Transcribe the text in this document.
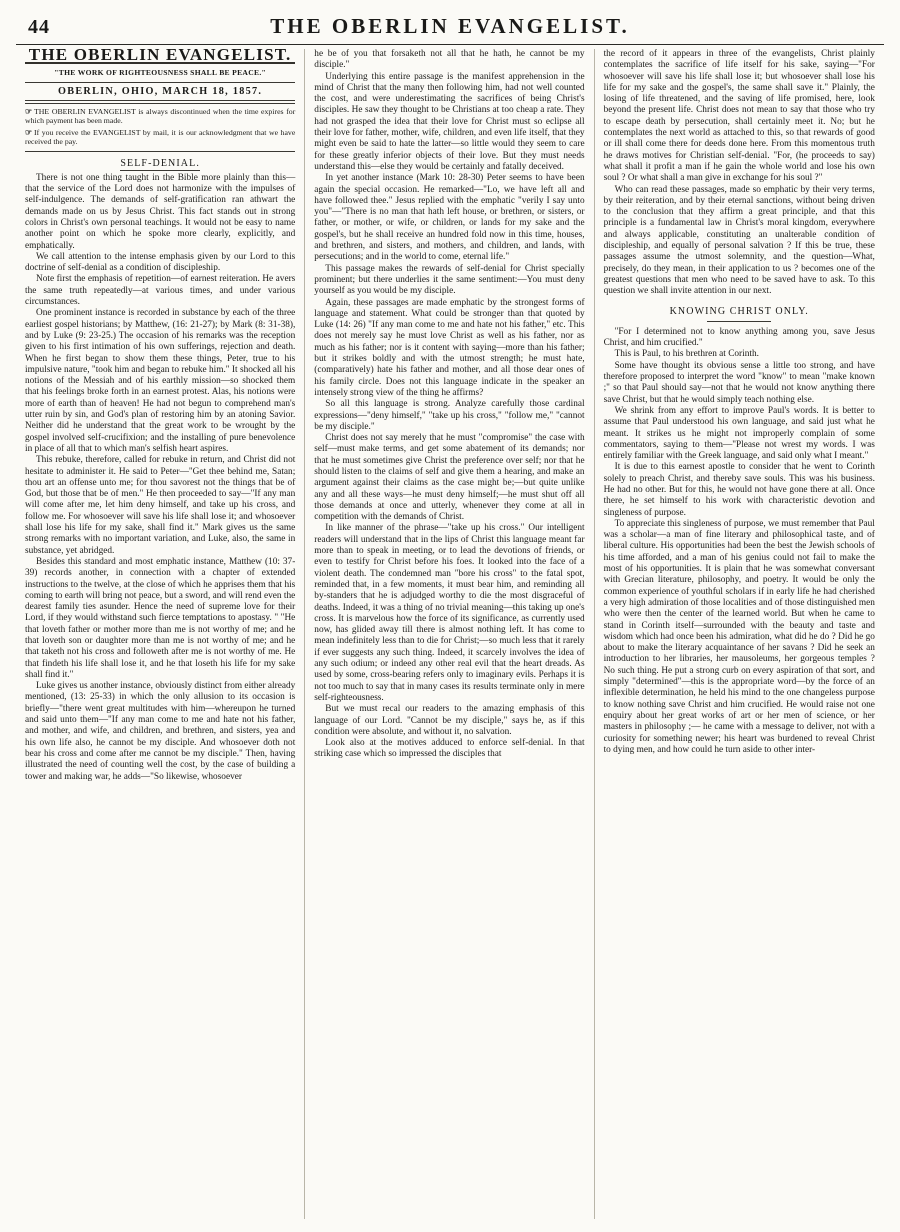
44	THE OBERLIN EVANGELIST.
THE OBERLIN EVANGELIST.
"THE WORK OF RIGHTEOUSNESS SHALL BE PEACE."
OBERLIN, OHIO, MARCH 18, 1857.

☞ THE OBERLIN EVANGELIST is always discontinued when the time expires for which payment has been made.

☞ If you receive the EVANGELIST by mail, it is our acknowledgment that we have received the pay.

SELF-DENIAL.

There is not one thing taught in the Bible more plainly than this—that the service of the Lord does not harmonize with the impulses of self-indulgence. The demands of self-gratification ran athwart the demands made on us by Jesus Christ. This fact stands out in strong colors in Christ's own personal teachings. It would not be easy to name another point on which he spoke more clearly, explicitly, and emphatically.

We call attention to the intense emphasis given by our Lord to this doctrine of self-denial as a condition of discipleship.

Note first the emphasis of repetition—of earnest reiteration. He avers the same truth repeatedly—at various times, and under various circumstances.

One prominent instance is recorded in substance by each of the three earliest gospel historians; by Matthew, (16: 21-27); by Mark (8: 31-38), and by Luke (9: 23-25.) The occasion of his remarks was the reception given to his first intimation of his own sufferings, rejection and death. When he first began to show them these things, Peter, true to his impulsive nature, "took him and began to rebuke him." It shocked all his notions of the Messiah and of his earthly mission—so shocked them that his feelings broke forth in an earnest protest. Alas, his notions were more of earth than of heaven! He had not begun to comprehend man's utter ruin by sin, and God's plan of restoring him by an atoning Savior. Neither did he understand that the great work to be wrought by the gospel involved self-crucifixion; and the installing of pure benevolence in place of all that to which man's selfish heart aspires.

This rebuke, therefore, called for rebuke in return, and Christ did not hesitate to administer it. He said to Peter—"Get thee behind me, Satan; thou art an offense unto me; for thou savorest not the things that be of God, but those that be of men." He then proceeded to say—"If any man will come after me, let him deny himself, and take up his cross, and follow me. For whosoever will save his life shall lose it; and whosoever shall lose his life for my sake, shall find it." Mark gives us the same strong remarks with no important variation, and Luke, also, the same in substance, yet abridged.

Besides this standard and most emphatic instance, Matthew (10: 37-39) records another, in connection with a chapter of extended instructions to the twelve, at the close of which he apprises them that his coming to earth will bring not peace, but a sword, and will rend even the dearest family ties asunder. Hence the need of supreme love for their Lord, if they would withstand such fierce temptations to apostasy. " "He that loveth father or mother more than me is not worthy of me; and he that loveth son or daughter more than me is not worthy of me; and he that taketh not his cross and followeth after me is not worthy of me. He that findeth his life shall lose it, and he that loseth his life for my sake shall find it."

Luke gives us another instance, obviously distinct from either already mentioned, (13: 25-33) in which the only allusion to its occasion is briefly—"there went great multitudes with him—whereupon he turned and said unto them—"If any man come to me and hate not his father, and mother, and wife, and children, and brethren, and sisters, yea and his own life also, he cannot be my disciple. And whosoever doth not bear his cross and come after me cannot be my disciple." Then, having illustrated the need of counting well the cost, by the case of building a tower and making war, he adds—"So likewise, whosoever

he be of you that forsaketh not all that he hath, he cannot be my disciple."

Underlying this entire passage is the manifest apprehension in the mind of Christ that the many then following him, had not well counted the cost, and were underestimating the sacrifices of being Christ's disciples. He saw they thought to be Christians at too cheap a rate. They had not grasped the idea that their love for Christ must so eclipse all their love for father, mother, wife, children, and even life itself, that they might even be said to hate the latter—so little would they seem to care for these greatly inferior objects of their love. But they must needs understand this—else they would be certainly and fatally deceived.

In yet another instance (Mark 10: 28-30) Peter seems to have been again the special occasion. He remarked—"Lo, we have left all and have followed thee." Jesus replied with the emphatic "verily I say unto you"—"There is no man that hath left house, or brethren, or sisters, or father, or mother, or wife, or children, or lands for my sake and the gospel's, but he shall receive an hundred fold now in this time, houses, and brethren, and sisters, and mothers, and children, and lands, with persecutions; and in the world to come, eternal life."

This passage makes the rewards of self-denial for Christ specially prominent; but there underlies it the same sentiment:—You must deny yourself as you would be my disciple.

Again, these passages are made emphatic by the strongest forms of language and statement. What could be stronger than that quoted by Luke (14: 26) "If any man come to me and hate not his father," etc. This does not merely say he must love Christ as well as his father, nor as much as his father; nor is it content with saying—more than his father; but it strikes boldly and with the utmost strength; he must hate, (comparatively) hate his father and mother, and all those dear ones of his family circle. Does not this language indicate in the speaker an intensely strong view of the thing he affirms?

So all this language is strong. Analyze carefully those cardinal expressions—"deny himself," "take up his cross," "follow me," "cannot be my disciple."

Christ does not say merely that he must "compromise" the case with self—must make terms, and get some abatement of its demands; nor that he must sometimes give Christ the preference over self; nor that he should listen to the claims of self and give them a hearing, and make an argument against their claims as the case might be;—but quite unlike any and all these ways—he must deny himself;—he must shut off all those demands at once and utterly, whenever they come at all in competition with the demands of Christ.

In like manner of the phrase—"take up his cross." Our intelligent readers will understand that in the lips of Christ this language meant far more than to speak in meeting, or to lead the devotions of friends, or even to testify for Christ before his foes. It looked into the face of a violent death. The condemned man "bore his cross" to the fatal spot, reminded that, in a few moments, it must bear him, and reminding all by-standers that he is adjudged worthy to die the most disgraceful of deaths. Indeed, it was a thing of no trivial meaning—this taking up one's cross. It is marvelous how the force of its significance, as currently used now, has glided away till there is almost nothing left. It has come to mean indefinitely less than to die for Christ;—so much less that it rarely if ever suggests any such thing. Indeed, it scarcely involves the idea of any such odium; or indeed any other real evil that the heart dreads. As used by some, cross-bearing refers only to imaginary evils. Perhaps it is not too much to say that in many cases its results terminate only in mere self-righteousness.

But we must recal our readers to the amazing emphasis of this language of our Lord. "Cannot be my disciple," says he, as if this condition were absolute, and without it, no salvation.

Look also at the motives adduced to enforce self-denial. In that striking case which so impressed the disciples that

the record of it appears in three of the evangelists, Christ plainly contemplates the sacrifice of life itself for his sake, saying—"For whosoever will save his life shall lose it; but whosoever shall lose his life for my sake and the gospel's, the same shall save it." Plainly, the losing of life threatened, and the saving of life promised, here, look beyond the present life. Christ does not mean to say that those who try to escape death by persecution, shall certainly meet it. No; but he contemplates the next world as attached to this, so that rewards of good or ill shall come there for deeds done here. From this momentous truth he draws motives for Christian self-denial. "For, (he proceeds to say) what shall it profit a man if he gain the whole world and lose his own soul ? Or what shall a man give in exchange for his soul ?"

Who can read these passages, made so emphatic by their very terms, by their reiteration, and by their eternal sanctions, without being driven to the conclusion that they affirm a great principle, and that this principle is a fundamental law in Christ's moral kingdom, everywhere and always applicable, constituting an unalterable condition of discipleship, and equally of personal salvation ? If this be true, these passages assume the utmost solemnity, and the question—What, precisely, do they mean, in their application to us ? becomes one of the greatest questions that men who need to be saved have to ask. To this question we shall invite attention in our next.

KNOWING CHRIST ONLY.

"For I determined not to know anything among you, save Jesus Christ, and him crucified."

This is Paul, to his brethren at Corinth.

Some have thought its obvious sense a little too strong, and have therefore proposed to interpret the word "know" to mean "make known ;" so that Paul should say—not that he would not know anything there save Christ, but that he would simply teach nothing else.

We shrink from any effort to improve Paul's words. It is better to assume that Paul understood his own language, and said just what he meant. It strikes us he might not improperly complain of some commentators, saying to them—"Please not wrest my words. I was entirely familiar with the Greek language, and said only what I meant."

It is due to this earnest apostle to consider that he went to Corinth solely to preach Christ, and thereby save souls. This was his business. He had no other. But for this, he would not have gone there at all. Once there, he set himself to his work with characteristic devotion and singleness of purpose.

To appreciate this singleness of purpose, we must remember that Paul was a scholar—a man of fine literary and philosophical taste, and of liberal culture. His opportunities had been the best the Jewish schools of his time afforded, and a man of his genius could not fail to make the most of his opportunities. It is plain that he was somewhat conversant with Grecian literature, philosophy, and poetry. It would be only the common experience of youthful scholars if in early life he had cherished a very high admiration of those localities and of those distinguished men who were then the center of the learned world. But when he came to stand in Corinth itself—surrounded with the beauty and taste and wisdom which had once been his admiration, what did he do ? Did he go about to make the literary acquaintance of her savans ? Did he seek an introduction to her libraries, her mausoleums, her gorgeous temples ? No such thing. He put a strong curb on every aspiration of that sort, and simply "determined"—this is the appropriate word—by the force of an inflexible determination, he held his mind to the one changeless purpose to know nothing save Christ and him crucified. He would raise not one enquiry about her great works of art or her men of science, or her masters in philosophy ;— he came with a message to deliver, not with a curiosity for something newer; his heart was burdened to reveal Christ to dying men, and how could he turn aside to other inter-
